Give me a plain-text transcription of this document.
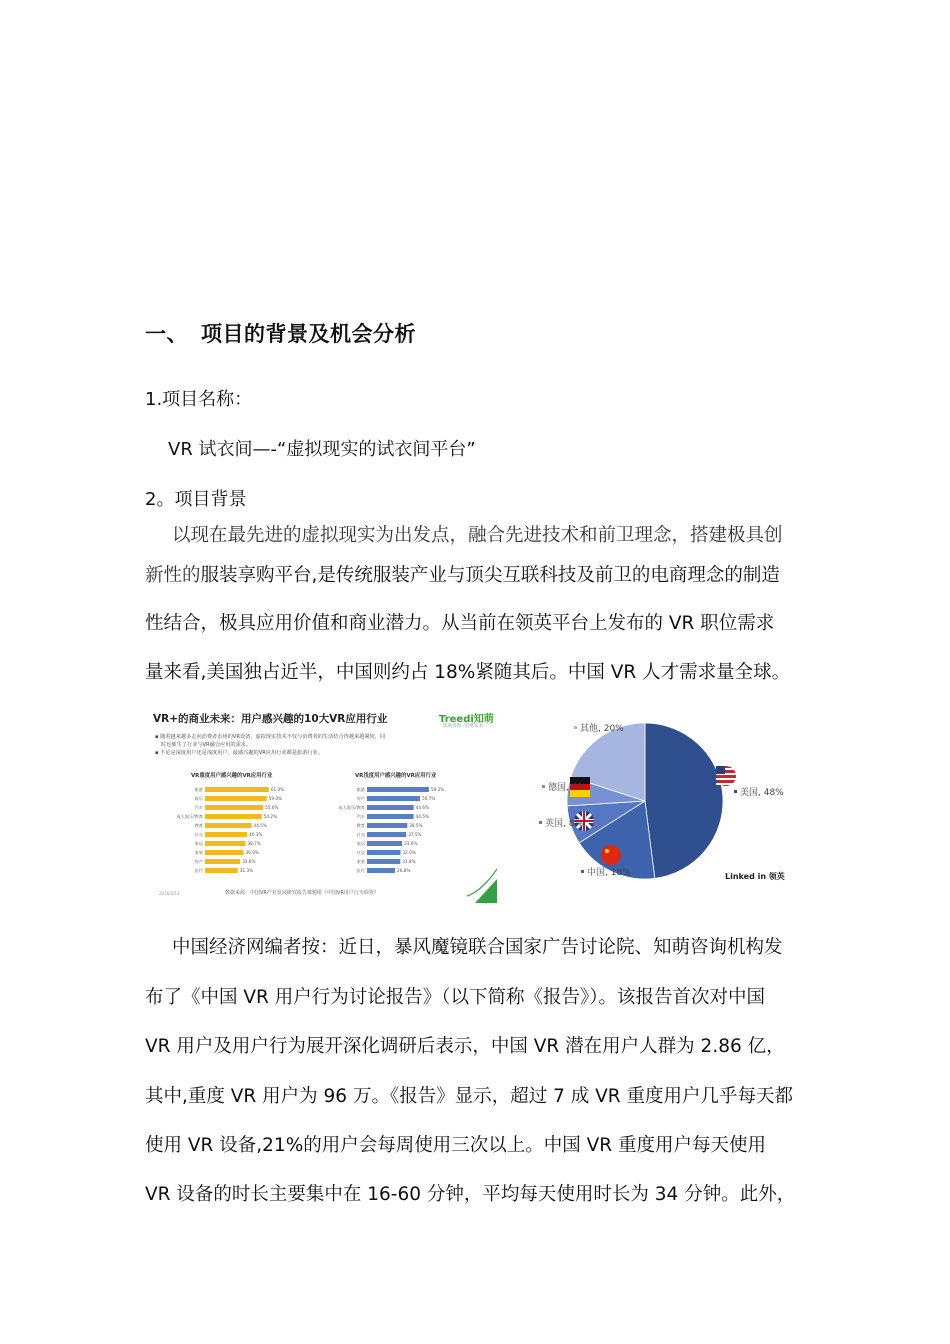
一、 项目的背景及机会分析
1.项目名称：
VR 试衣间—-“虚拟现实的试衣间平台”
2。项目背景
以现在最先进的虚拟现实为出发点，融合先进技术和前卫理念，搭建极具创
新性的服装享购平台,是传统服装产业与顶尖互联科技及前卫的电商理念的制造
性结合，极具应用价值和商业潜力。从当前在领英平台上发布的 VR 职位需求
量来看,美国独占近半，中国则约占 18%紧随其后。中国 VR 人才需求量全球。
VR+的商业未来：用户感兴趣的10大VR应用行业	Treedi知萌
知萌咨询 · 趋势未来
▪ 随着越来越多走向消费者市场的VR设备，虚拟现实技术不仅与消费者的生活结合得越来越紧密，同
时也催生了行业与VR融合应用的需求。
▪ 不论是深度用户还是浅度用户，最感兴趣的VR应用行业都是旅游行业。
VR重度用户感兴趣的VR应用行业	VR浅度用户感兴趣的VR应用行业
旅游	61.0%
娱乐	59.0%
汽车	55.6%
成人娱乐/教育	54.2%
教育	44.5%
社交	40.3%
家居	38.7%
家装	36.9%
房产	33.6%
医疗	31.3%
旅游	59.2%
房产	50.7%
成人娱乐/教育	44.6%
汽车	44.5%
教育	38.5%
社交	37.5%
家居	33.6%
社交	32.0%
家装	31.8%
医疗	26.8%
2016/3/14	数据来源：中国VR产业发展研究报告课题组《中国VR用户行为调查》
美国, 48%
中国, 18%
英国, 8%
德国, 6%
其他, 20%
Linked in 领英
中国经济网编者按：近日，暴风魔镜联合国家广告讨论院、知萌咨询机构发
布了《中国 VR 用户行为讨论报告》（以下简称《报告》）。该报告首次对中国
VR 用户及用户行为展开深化调研后表示，中国 VR 潜在用户人群为 2.86 亿，
其中,重度 VR 用户为 96 万。《报告》显示，超过 7 成 VR 重度用户几乎每天都
使用 VR 设备,21%的用户会每周使用三次以上。中国 VR 重度用户每天使用
VR 设备的时长主要集中在 16-60 分钟，平均每天使用时长为 34 分钟。此外，
